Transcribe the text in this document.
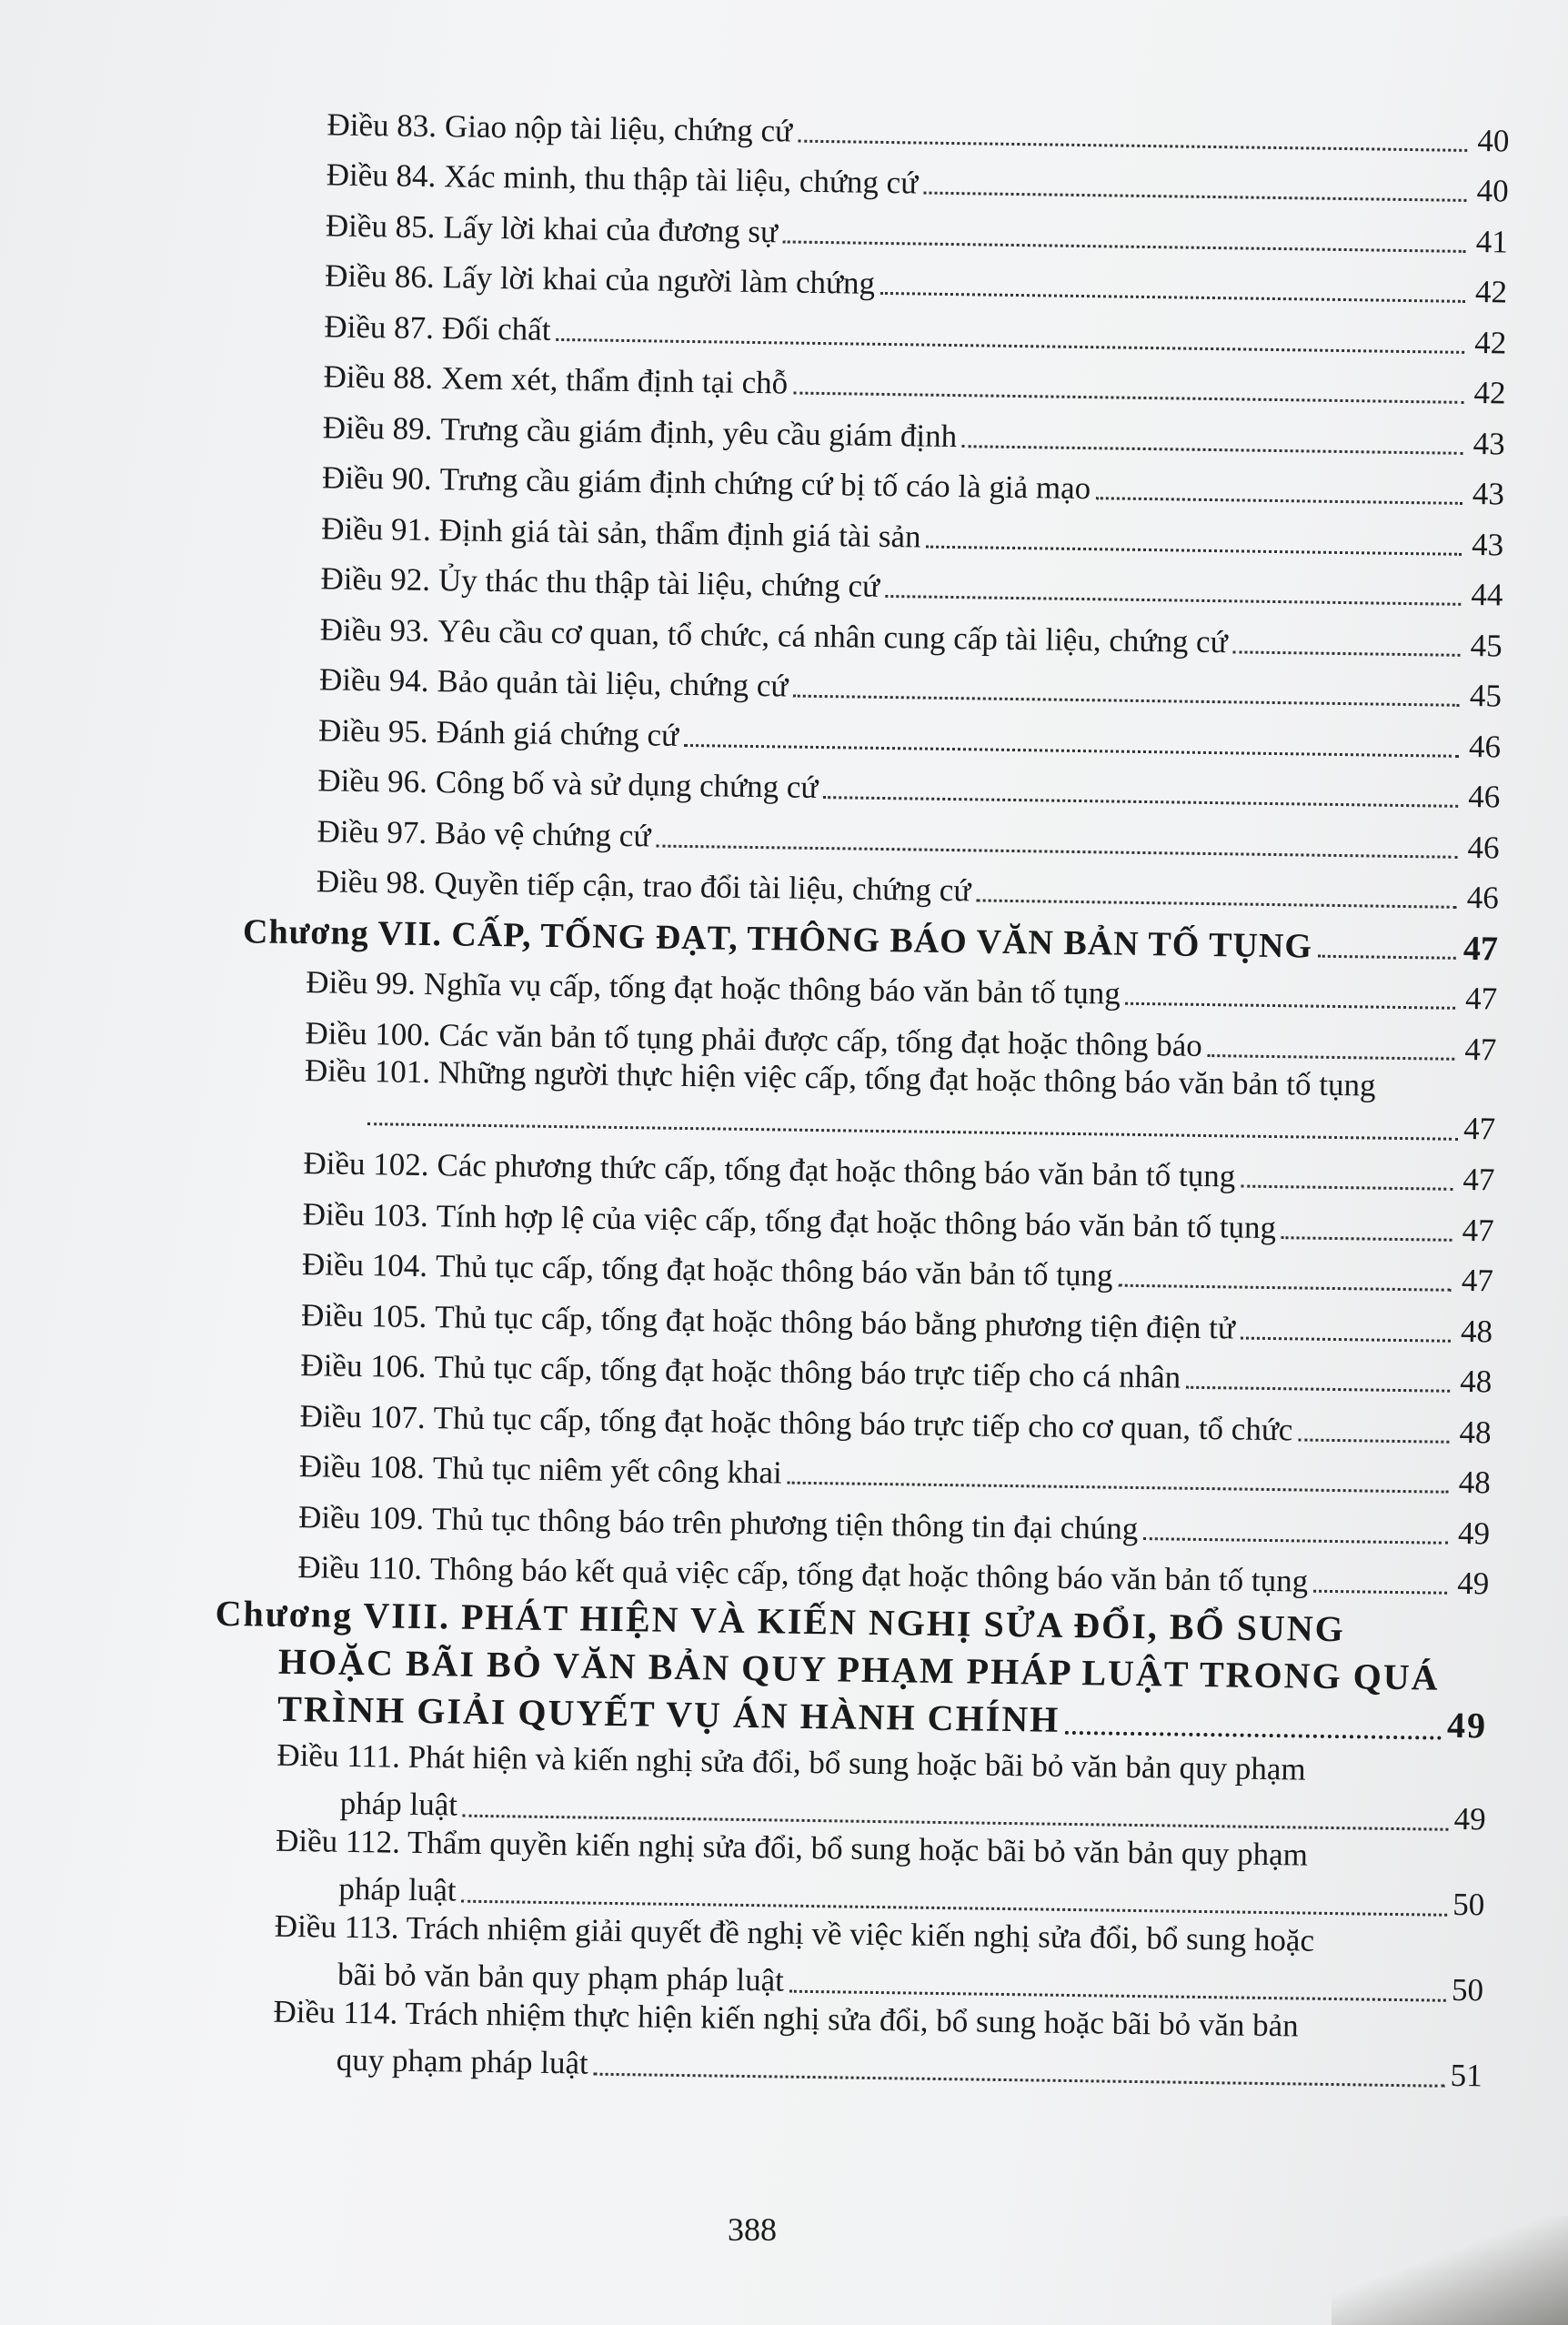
Điều 83. Giao nộp tài liệu, chứng cứ	40
Điều 84. Xác minh, thu thập tài liệu, chứng cứ	40
Điều 85. Lấy lời khai của đương sự	41
Điều 86. Lấy lời khai của người làm chứng	42
Điều 87. Đối chất	42
Điều 88. Xem xét, thẩm định tại chỗ	42
Điều 89. Trưng cầu giám định, yêu cầu giám định	43
Điều 90. Trưng cầu giám định chứng cứ bị tố cáo là giả mạo	43
Điều 91. Định giá tài sản, thẩm định giá tài sản	43
Điều 92. Ủy thác thu thập tài liệu, chứng cứ	44
Điều 93. Yêu cầu cơ quan, tổ chức, cá nhân cung cấp tài liệu, chứng cứ	45
Điều 94. Bảo quản tài liệu, chứng cứ	45
Điều 95. Đánh giá chứng cứ	46
Điều 96. Công bố và sử dụng chứng cứ	46
Điều 97. Bảo vệ chứng cứ	46
Điều 98. Quyền tiếp cận, trao đổi tài liệu, chứng cứ	46
Chương VII. CẤP, TỐNG ĐẠT, THÔNG BÁO VĂN BẢN TỐ TỤNG	47
Điều 99. Nghĩa vụ cấp, tống đạt hoặc thông báo văn bản tố tụng	47
Điều 100. Các văn bản tố tụng phải được cấp, tống đạt hoặc thông báo	47
Điều 101. Những người thực hiện việc cấp, tống đạt hoặc thông báo văn bản tố tụng
47
Điều 102. Các phương thức cấp, tống đạt hoặc thông báo văn bản tố tụng	47
Điều 103. Tính hợp lệ của việc cấp, tống đạt hoặc thông báo văn bản tố tụng	47
Điều 104. Thủ tục cấp, tống đạt hoặc thông báo văn bản tố tụng	47
Điều 105. Thủ tục cấp, tống đạt hoặc thông báo bằng phương tiện điện tử	48
Điều 106. Thủ tục cấp, tống đạt hoặc thông báo trực tiếp cho cá nhân	48
Điều 107. Thủ tục cấp, tống đạt hoặc thông báo trực tiếp cho cơ quan, tổ chức	48
Điều 108. Thủ tục niêm yết công khai	48
Điều 109. Thủ tục thông báo trên phương tiện thông tin đại chúng	49
Điều 110. Thông báo kết quả việc cấp, tống đạt hoặc thông báo văn bản tố tụng	49
Chương VIII. PHÁT HIỆN VÀ KIẾN NGHỊ SỬA ĐỔI, BỔ SUNG
HOẶC BÃI BỎ VĂN BẢN QUY PHẠM PHÁP LUẬT TRONG QUÁ
TRÌNH GIẢI QUYẾT VỤ ÁN HÀNH CHÍNH	49
Điều 111. Phát hiện và kiến nghị sửa đổi, bổ sung hoặc bãi bỏ văn bản quy phạm
pháp luật	49
Điều 112. Thẩm quyền kiến nghị sửa đổi, bổ sung hoặc bãi bỏ văn bản quy phạm
pháp luật	50
Điều 113. Trách nhiệm giải quyết đề nghị về việc kiến nghị sửa đổi, bổ sung hoặc
bãi bỏ văn bản quy phạm pháp luật	50
Điều 114. Trách nhiệm thực hiện kiến nghị sửa đổi, bổ sung hoặc bãi bỏ văn bản
quy phạm pháp luật	51
388
